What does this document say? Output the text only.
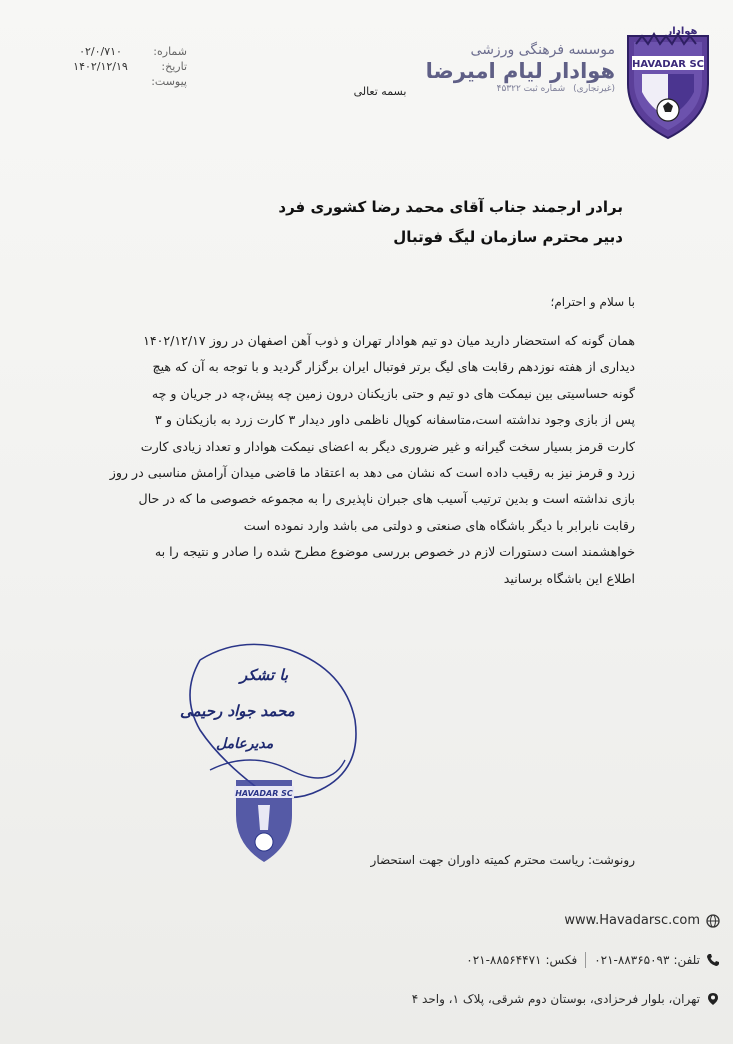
HAVADAR SC
هوادار
موسسه فرهنگی ورزشی
هوادار لیام امیرضا
(غیرتجاری)
شماره ثبت ۴۵۳۲۲
بسمه تعالی
شماره:
۰۲/۰/۷۱۰
تاریخ:
۱۴۰۲/۱۲/۱۹
پیوست:
برادر ارجمند جناب آقای محمد رضا کشوری فرد
دبیر محترم سازمان لیگ فوتبال
با سلام و احترام؛
همان گونه که استحضار دارید میان دو تیم هوادار تهران و ذوب آهن اصفهان در روز ۱۴۰۲/۱۲/۱۷
دیداری از هفته نوزدهم رقابت های لیگ برتر فوتبال ایران برگزار گردید و با توجه به آن که هیچ
گونه حساسیتی بین نیمکت های دو تیم و حتی بازیکنان درون زمین چه پیش،چه در جریان و چه
پس از بازی وجود نداشته است،متاسفانه کوپال ناظمی داور دیدار ۳ کارت زرد به بازیکنان و ۳
کارت قرمز بسیار سخت گیرانه و غیر ضروری دیگر به اعضای نیمکت هوادار و تعداد زیادی کارت
زرد و قرمز نیز به رقیب داده است که نشان می دهد به اعتقاد ما قاضی میدان آرامش مناسبی در روز
بازی نداشته است و بدین ترتیب آسیب های جبران ناپذیری را به مجموعه خصوصی ما که در حال
رقابت نابرابر با دیگر باشگاه های صنعتی و دولتی می باشد وارد نموده است
خواهشمند است دستورات لازم در خصوص بررسی موضوع مطرح شده را صادر و نتیجه را به
اطلاع این باشگاه برسانید
HAVADAR SC
با تشکر
محمد جواد رحیمی
مدیرعامل
رونوشت: ریاست محترم کمیته داوران جهت استحضار
www.Havadarsc.com
تلفن:
۰۲۱-۸۸۳۶۵۰۹۳
فکس:
۰۲۱-۸۸۵۶۴۴۷۱
تهران، بلوار فرحزادی، بوستان دوم شرقی، پلاک ۱، واحد ۴
